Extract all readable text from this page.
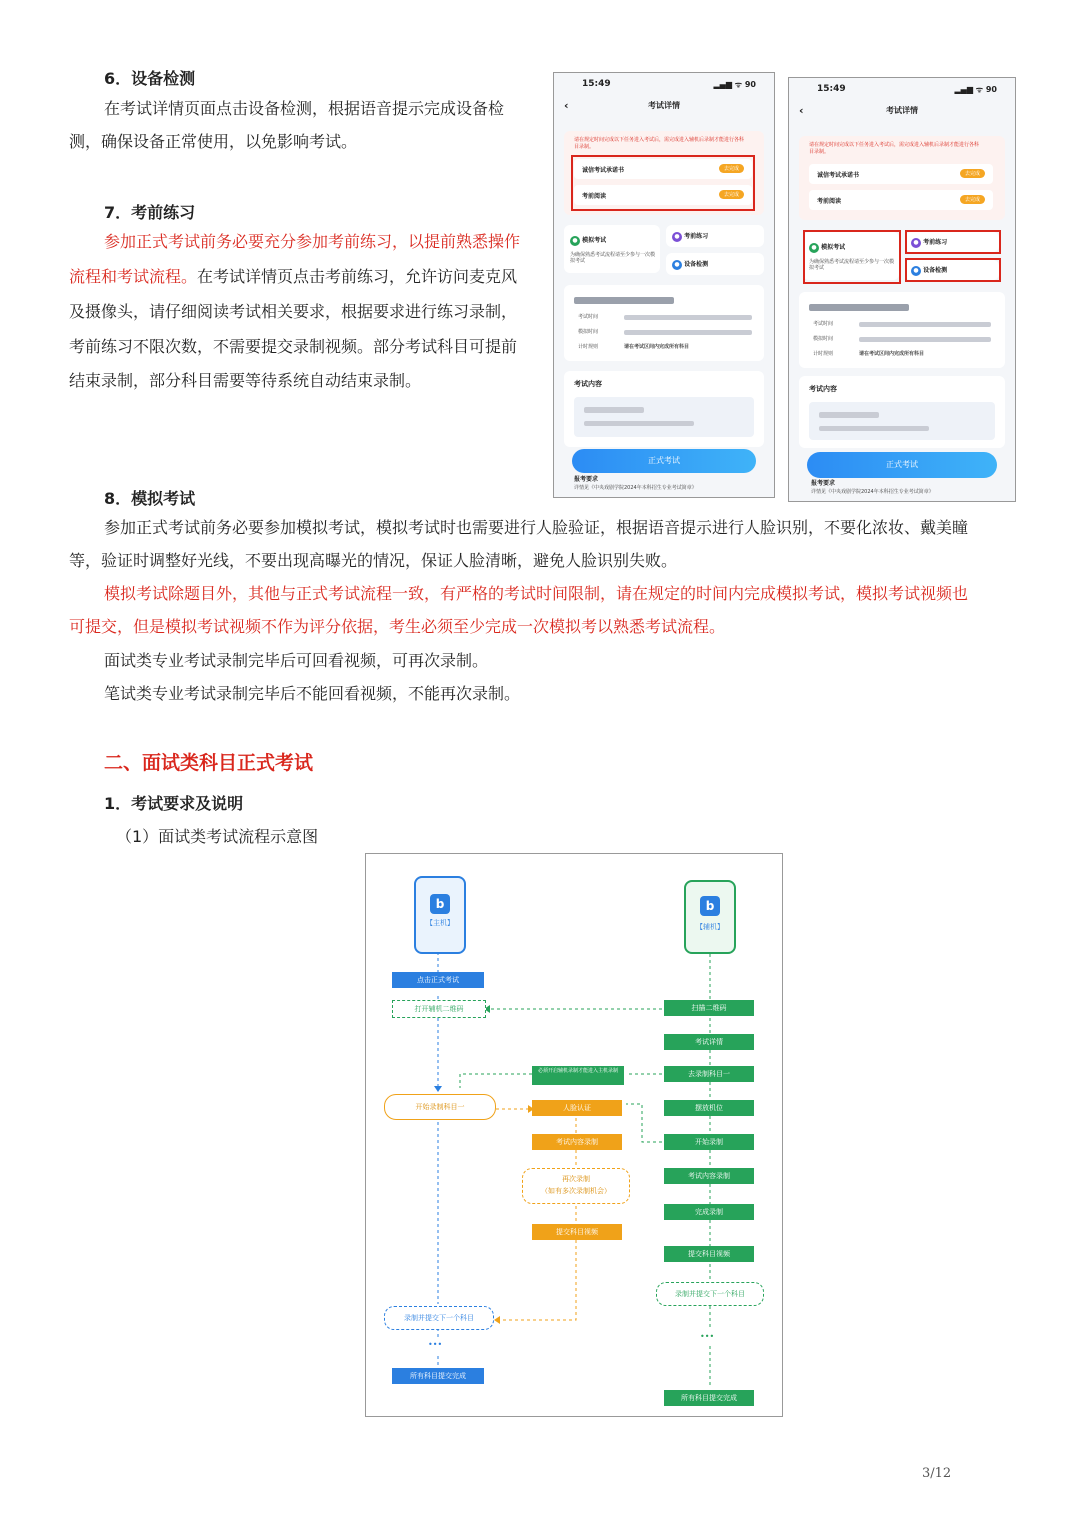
6．设备检测
在考试详情页面点击设备检测，根据语音提示完成设备检
测，确保设备正常使用，以免影响考试。
7．考前练习
参加正式考试前务必要充分参加考前练习，以提前熟悉操作
流程和考试流程。在考试详情页点击考前练习，允许访问麦克风
及摄像头，请仔细阅读考试相关要求，根据要求进行练习录制，
考前练习不限次数，不需要提交录制视频。部分考试科目可提前
结束录制，部分科目需要等待系统自动结束录制。
15:49	▂▄▆ ᯤ 90
‹	考试详情
请在规定时间完成以下任务进入考试后，需完成进入辅机后录制才能进行各科目录制。
诚信考试承诺书	去完成
考前阅读	去完成
● 模拟考试
为确保熟悉考试流程请至少参与一次模拟考试
● 考前练习
● 设备检测
考试时间
模拟时间
计时规则	请在考试区间内完成所有科目
考试内容
正式考试
报考要求
详情见《中央戏剧学院2024年本科招生专业考试简章》
15:49	▂▄▆ ᯤ 90
‹	考试详情
请在规定时间完成以下任务进入考试后，需完成进入辅机后录制才能进行各科目录制。
诚信考试承诺书	去完成
考前阅读	去完成
● 模拟考试
为确保熟悉考试流程请至少参与一次模拟考试
● 考前练习
● 设备检测
考试时间
模拟时间
计时规则	请在考试区间内完成所有科目
考试内容
正式考试
报考要求
详情见《中央戏剧学院2024年本科招生专业考试简章》
8．模拟考试
参加正式考试前务必要参加模拟考试，模拟考试时也需要进行人脸验证，根据语音提示进行人脸识别，不要化浓妆、戴美瞳
等，验证时调整好光线，不要出现高曝光的情况，保证人脸清晰，避免人脸识别失败。
模拟考试除题目外，其他与正式考试流程一致，有严格的考试时间限制，请在规定的时间内完成模拟考试，模拟考试视频也
可提交，但是模拟考试视频不作为评分依据，考生必须至少完成一次模拟考以熟悉考试流程。
面试类专业考试录制完毕后可回看视频，可再次录制。
笔试类专业考试录制完毕后不能回看视频，不能再次录制。
二、面试类科目正式考试
1．考试要求及说明
（1）面试类考试流程示意图
b
【主机】
b
【辅机】
点击正式考试
打开辅机二维码
开始录制科目一
录制并提交下一个科目
•••
所有科目提交完成
必须开启辅机录制才能进入主机录制
人脸认证
考试内容录制
再次录制
（如有多次录制机会）
提交科目视频
扫描二维码
考试详情
去录制科目一
摆放机位
开始录制
考试内容录制
完成录制
提交科目视频
录制并提交下一个科目
•••
所有科目提交完成
3/12
